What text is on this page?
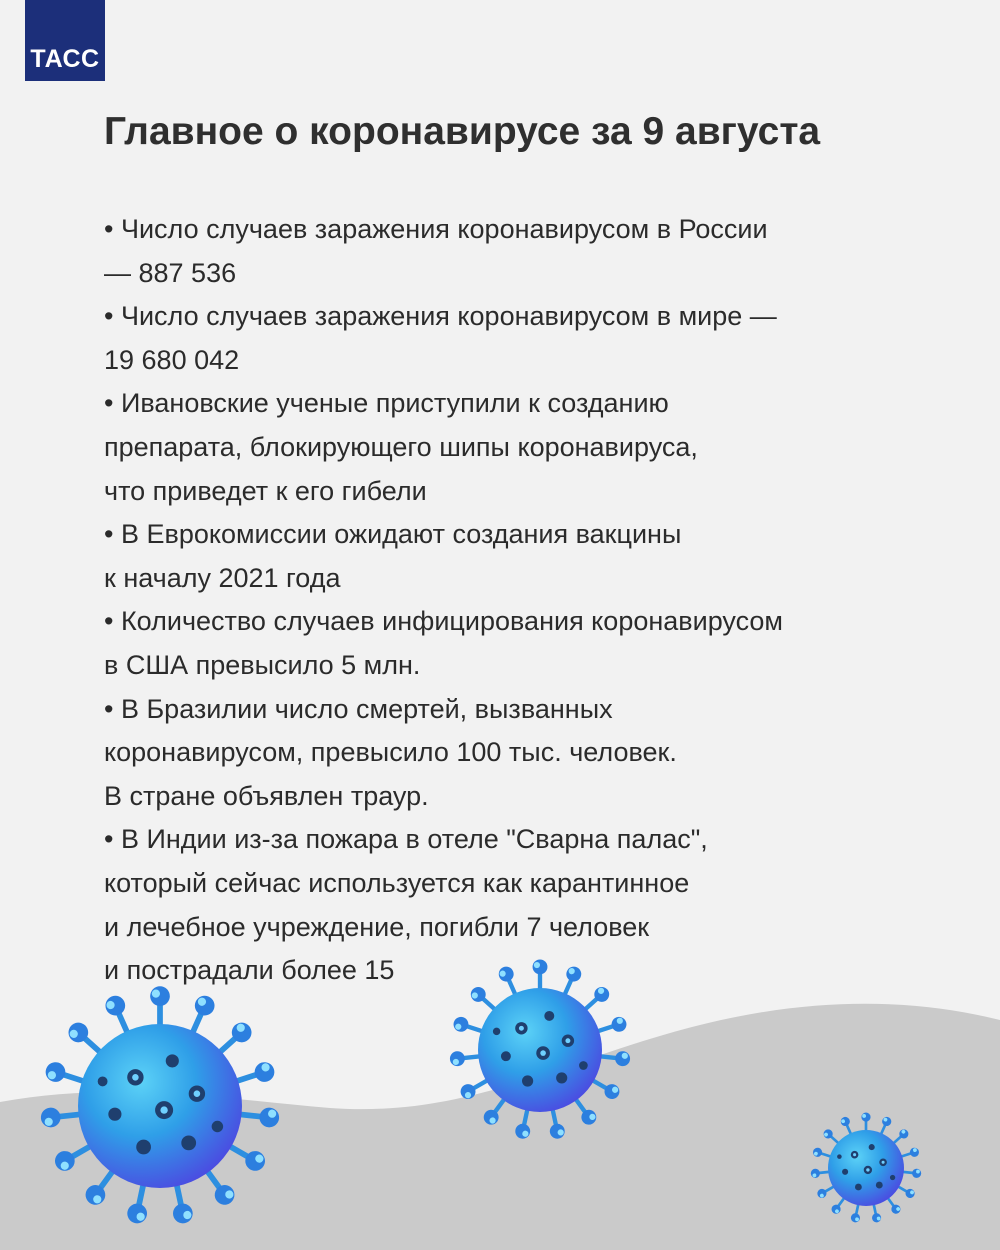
ТАСС
Главное о коронавирусе за 9 августа
• Число случаев заражения коронавирусом в России
— 887 536
• Число случаев заражения коронавирусом в мире —
19 680 042
• Ивановские ученые приступили к созданию
препарата, блокирующего шипы коронавируса,
что приведет к его гибели
• В Еврокомиссии ожидают создания вакцины
к началу 2021 года
• Количество случаев инфицирования коронавирусом
в США превысило 5 млн.
• В Бразилии число смертей, вызванных
коронавирусом, превысило 100 тыс. человек.
В стране объявлен траур.
• В Индии из-за пожара в отеле "Сварна палас",
который сейчас используется как карантинное
и лечебное учреждение, погибли 7 человек
и пострадали более 15
